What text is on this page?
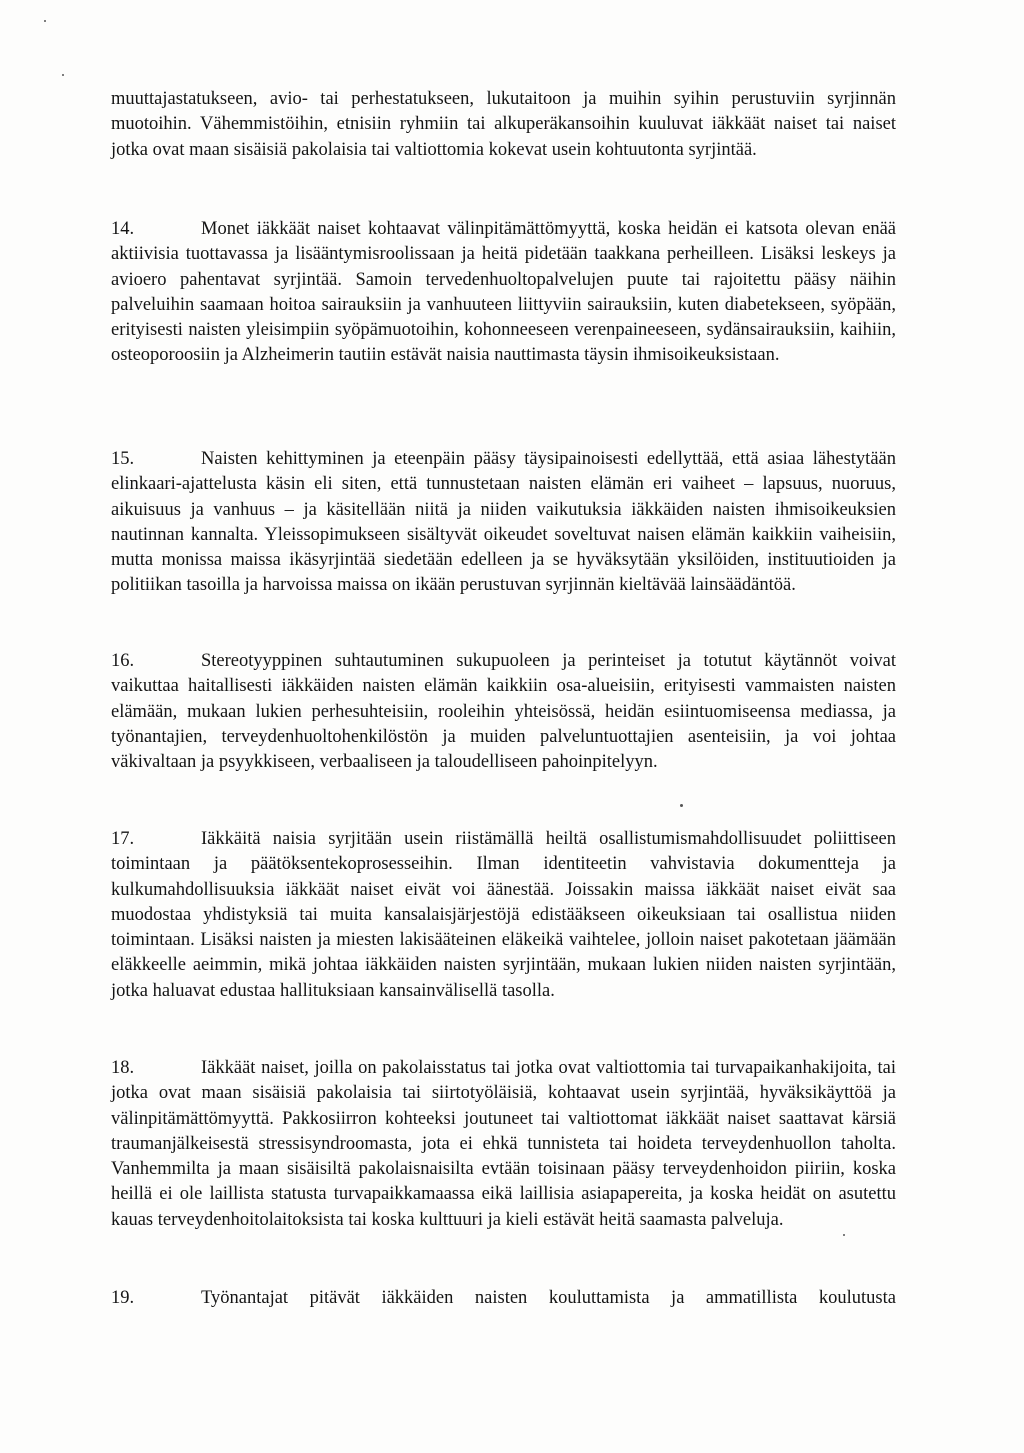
muuttajastatukseen, avio- tai perhestatukseen, lukutaitoon ja muihin syihin perustuviin syrjinnän muotoihin. Vähemmistöihin, etnisiin ryhmiin tai alkuperäkansoihin kuuluvat iäkkäät naiset tai naiset jotka ovat maan sisäisiä pakolaisia tai valtiottomia kokevat usein kohtuutonta syrjintää.

14.	Monet iäkkäät naiset kohtaavat välinpitämättömyyttä, koska heidän ei katsota olevan enää aktiivisia tuottavassa ja lisääntymisroolissaan ja heitä pidetään taakkana perheilleen. Lisäksi leskeys ja avioero pahentavat syrjintää. Samoin tervedenhuoltopalvelujen puute tai rajoitettu pääsy näihin palveluihin saamaan hoitoa sairauksiin ja vanhuuteen liittyviin sairauksiin, kuten diabetekseen, syöpään, erityisesti naisten yleisimpiin syöpämuotoihin, kohonneeseen verenpaineeseen, sydänsairauksiin, kaihiin, osteoporoosiin ja Alzheimerin tautiin estävät naisia nauttimasta täysin ihmisoikeuksistaan.

15.	Naisten kehittyminen ja eteenpäin pääsy täysipainoisesti edellyttää, että asiaa lähestytään elinkaari-ajattelusta käsin eli siten, että tunnustetaan naisten elämän eri vaiheet – lapsuus, nuoruus, aikuisuus ja vanhuus – ja käsitellään niitä ja niiden vaikutuksia iäkkäiden naisten ihmisoikeuksien nautinnan kannalta. Yleissopimukseen sisältyvät oikeudet soveltuvat naisen elämän kaikkiin vaiheisiin, mutta monissa maissa ikäsyrjintää siedetään edelleen ja se hyväksytään yksilöiden, instituutioiden ja politiikan tasoilla ja harvoissa maissa on ikään perustuvan syrjinnän kieltävää lainsäädäntöä.

16.	Stereotyyppinen suhtautuminen sukupuoleen ja perinteiset ja totutut käytännöt voivat vaikuttaa haitallisesti iäkkäiden naisten elämän kaikkiin osa-alueisiin, erityisesti vammaisten naisten elämään, mukaan lukien perhesuhteisiin, rooleihin yhteisössä, heidän esiintuomiseensa mediassa, ja työnantajien, terveydenhuoltohenkilöstön ja muiden palveluntuottajien asenteisiin, ja voi johtaa väkivaltaan ja psyykkiseen, verbaaliseen ja taloudelliseen pahoinpitelyyn.

17.	Iäkkäitä naisia syrjitään usein riistämällä heiltä osallistumismahdollisuudet poliittiseen toimintaan ja päätöksentekoprosesseihin. Ilman identiteetin vahvistavia dokumentteja ja kulkumahdollisuuksia iäkkäät naiset eivät voi äänestää. Joissakin maissa iäkkäät naiset eivät saa muodostaa yhdistyksiä tai muita kansalaisjärjestöjä edistääkseen oikeuksiaan tai osallistua niiden toimintaan. Lisäksi naisten ja miesten lakisääteinen eläkeikä vaihtelee, jolloin naiset pakotetaan jäämään eläkkeelle aeimmin, mikä johtaa iäkkäiden naisten syrjintään, mukaan lukien niiden naisten syrjintään, jotka haluavat edustaa hallituksiaan kansainvälisellä tasolla.

18.	Iäkkäät naiset, joilla on pakolaisstatus tai jotka ovat valtiottomia tai turvapaikanhakijoita, tai jotka ovat maan sisäisiä pakolaisia tai siirtotyöläisiä, kohtaavat usein syrjintää, hyväksikäyttöä ja välinpitämättömyyttä. Pakkosiirron kohteeksi joutuneet tai valtiottomat iäkkäät naiset saattavat kärsiä traumanjälkeisestä stressisyndroomasta, jota ei ehkä tunnisteta tai hoideta terveydenhuollon taholta. Vanhemmilta ja maan sisäisiltä pakolaisnaisilta evtään toisinaan pääsy terveydenhoidon piiriin, koska heillä ei ole laillista statusta turvapaikkamaassa eikä laillisia asiapapereita, ja koska heidät on asutettu kauas terveydenhoitolaitoksista tai koska kulttuuri ja kieli estävät heitä saamasta palveluja.

19.	Työnantajat pitävät iäkkäiden naisten kouluttamista ja ammatillista koulutusta
